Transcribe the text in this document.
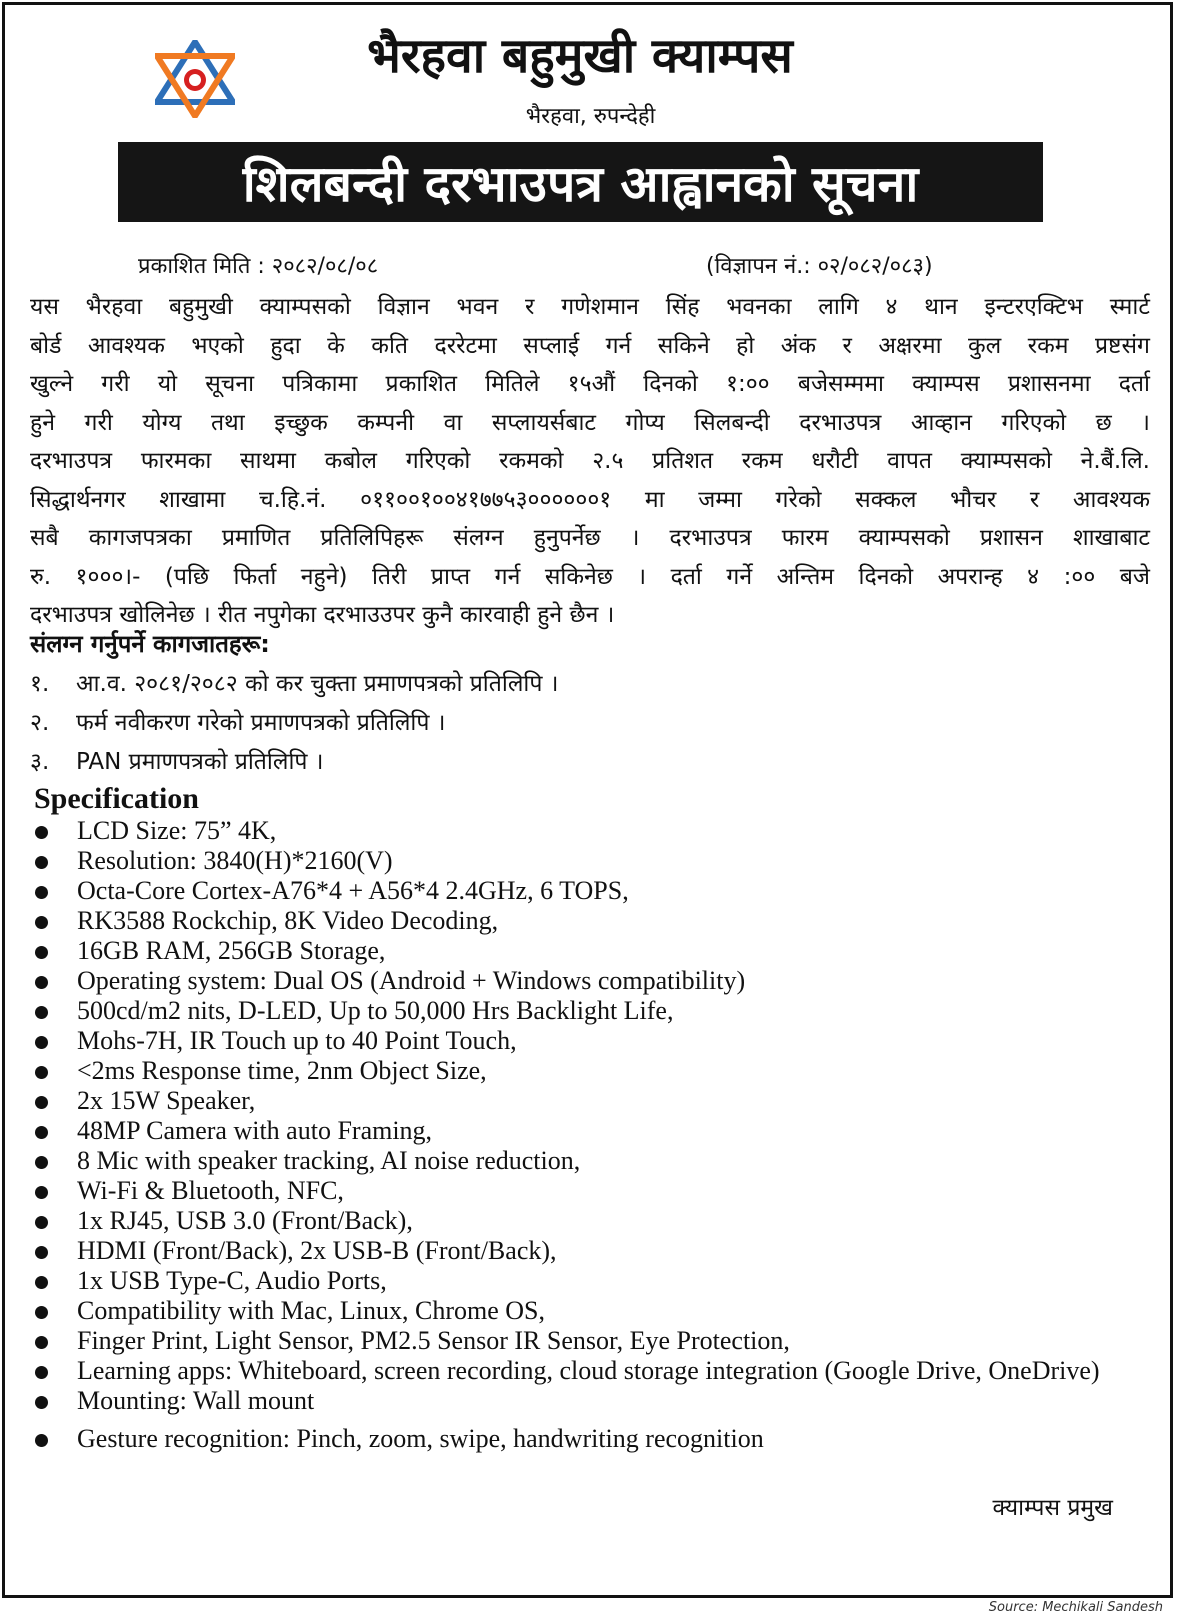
भैरहवा बहुमुखी क्याम्पस
भैरहवा, रुपन्देही
शिलबन्दी दरभाउपत्र आह्वानको सूचना
प्रकाशित मिति : २०८२/०८/०८	(विज्ञापन नं.: ०२/०८२/०८३)
यस भैरहवा बहुमुखी क्याम्पसको विज्ञान भवन र गणेशमान सिंह भवनका लागि ४ थान इन्टरएक्टिभ स्मार्ट
बोर्ड आवश्यक भएको हुदा के कति दररेटमा सप्लाई गर्न सकिने हो अंक र अक्षरमा कुल रकम प्रष्टसंग
खुल्ने गरी यो सूचना पत्रिकामा प्रकाशित मितिले १५औं दिनको १:०० बजेसम्ममा क्याम्पस प्रशासनमा दर्ता
हुने गरी योग्य तथा इच्छुक कम्पनी वा सप्लायर्सबाट गोप्य सिलबन्दी दरभाउपत्र आव्हान गरिएको छ ।
दरभाउपत्र फारमका साथमा कबोल गरिएको रकमको २.५ प्रतिशत रकम धरौटी वापत क्याम्पसको ने.बैं.लि.
सिद्धार्थनगर शाखामा च.हि.नं. ०११००१००४१७७५३००००००१ मा जम्मा गरेको सक्कल भौचर र आवश्यक
सबै कागजपत्रका प्रमाणित प्रतिलिपिहरू संलग्न हुनुपर्नेछ । दरभाउपत्र फारम क्याम्पसको प्रशासन शाखाबाट
रु. १०००।- (पछि फिर्ता नहुने) तिरी प्राप्त गर्न सकिनेछ । दर्ता गर्ने अन्तिम दिनको अपरान्ह ४ :०० बजे
दरभाउपत्र खोलिनेछ । रीत नपुगेका दरभाउउपर कुनै कारवाही हुने छैन ।
संलग्न गर्नुपर्ने कागजातहरू:
१. आ.व. २०८१/२०८२ को कर चुक्ता प्रमाणपत्रको प्रतिलिपि ।
२. फर्म नवीकरण गरेको प्रमाणपत्रको प्रतिलिपि ।
३. PAN प्रमाणपत्रको प्रतिलिपि ।
Specification
LCD Size: 75” 4K,
Resolution: 3840(H)*2160(V)
Octa-Core Cortex-A76*4 + A56*4 2.4GHz, 6 TOPS,
RK3588 Rockchip, 8K Video Decoding,
16GB RAM, 256GB Storage,
Operating system: Dual OS (Android + Windows compatibility)
500cd/m2 nits, D-LED, Up to 50,000 Hrs Backlight Life,
Mohs-7H, IR Touch up to 40 Point Touch,
<2ms Response time, 2nm Object Size,
2x 15W Speaker,
48MP Camera with auto Framing,
8 Mic with speaker tracking, AI noise reduction,
Wi-Fi & Bluetooth, NFC,
1x RJ45, USB 3.0 (Front/Back),
HDMI (Front/Back), 2x USB-B (Front/Back),
1x USB Type-C, Audio Ports,
Compatibility with Mac, Linux, Chrome OS,
Finger Print, Light Sensor, PM2.5 Sensor IR Sensor, Eye Protection,
Learning apps: Whiteboard, screen recording, cloud storage integration (Google Drive, OneDrive)
Mounting: Wall mount
Gesture recognition: Pinch, zoom, swipe, handwriting recognition
क्याम्पस प्रमुख
Source: Mechikali Sandesh
